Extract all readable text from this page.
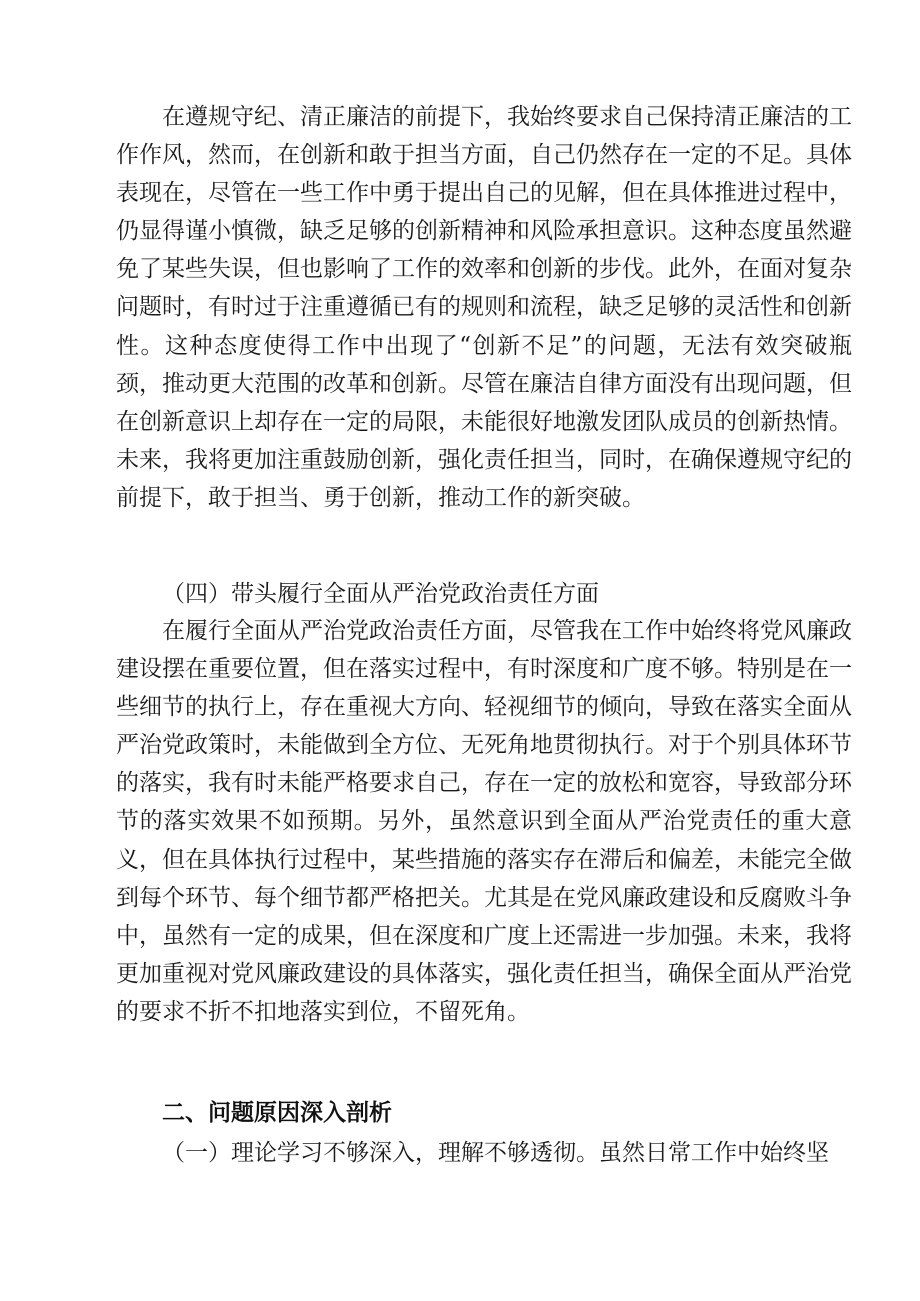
在遵规守纪、清正廉洁的前提下，我始终要求自己保持清正廉洁的工作作风，然而，在创新和敢于担当方面，自己仍然存在一定的不足。具体表现在，尽管在一些工作中勇于提出自己的见解，但在具体推进过程中，仍显得谨小慎微，缺乏足够的创新精神和风险承担意识。这种态度虽然避免了某些失误，但也影响了工作的效率和创新的步伐。此外，在面对复杂问题时，有时过于注重遵循已有的规则和流程，缺乏足够的灵活性和创新性。这种态度使得工作中出现了“创新不足”的问题，无法有效突破瓶颈，推动更大范围的改革和创新。尽管在廉洁自律方面没有出现问题，但在创新意识上却存在一定的局限，未能很好地激发团队成员的创新热情。未来，我将更加注重鼓励创新，强化责任担当，同时，在确保遵规守纪的前提下，敢于担当、勇于创新，推动工作的新突破。

（四）带头履行全面从严治党政治责任方面

在履行全面从严治党政治责任方面，尽管我在工作中始终将党风廉政建设摆在重要位置，但在落实过程中，有时深度和广度不够。特别是在一些细节的执行上，存在重视大方向、轻视细节的倾向，导致在落实全面从严治党政策时，未能做到全方位、无死角地贯彻执行。对于个别具体环节的落实，我有时未能严格要求自己，存在一定的放松和宽容，导致部分环节的落实效果不如预期。另外，虽然意识到全面从严治党责任的重大意义，但在具体执行过程中，某些措施的落实存在滞后和偏差，未能完全做到每个环节、每个细节都严格把关。尤其是在党风廉政建设和反腐败斗争中，虽然有一定的成果，但在深度和广度上还需进一步加强。未来，我将更加重视对党风廉政建设的具体落实，强化责任担当，确保全面从严治党的要求不折不扣地落实到位，不留死角。

二、问题原因深入剖析

（一）理论学习不够深入，理解不够透彻。虽然日常工作中始终坚
